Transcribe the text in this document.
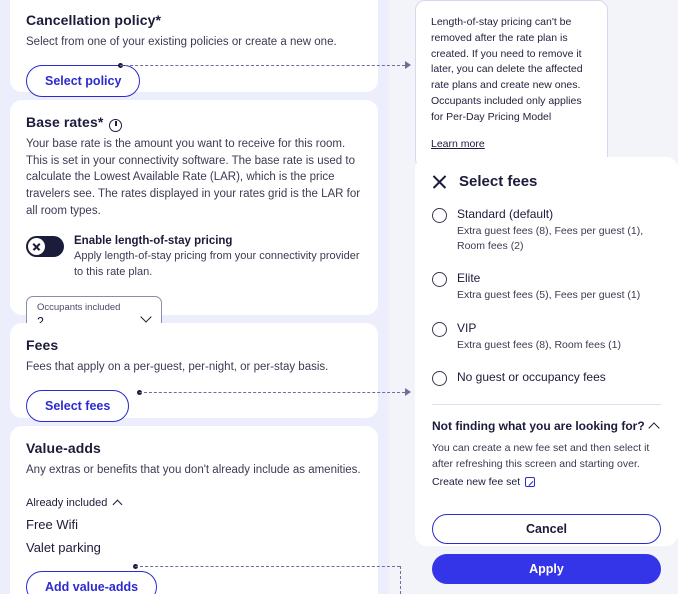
Cancellation policy*

Select from one of your existing policies or create a new one.

Select policy
Base rates*

Your base rate is the amount you want to receive for this room. This is set in your connectivity software. The base rate is used to calculate the Lowest Available Rate (LAR), which is the price travelers see. The rates displayed in your rates grid is the LAR for all room types.

Enable length-of-stay pricing
Apply length-of-stay pricing from your connectivity provider to this rate plan.
Occupants included
Fees

Fees that apply on a per-guest, per-night, or per-stay basis.

Select fees
Value-adds

Any extras or benefits that you don't already include as amenities.

Already included
Free Wifi
Valet parking
Add value-adds

Length-of-stay pricing can't be removed after the rate plan is created. If you need to remove it later, you can delete the affected rate plans and create new ones. Occupants included only applies for Per-Day Pricing Model

Learn more
Select fees
Standard (default)
Extra guest fees (8), Fees per guest (1), Room fees (2)
Elite
Extra guest fees (5), Fees per guest (1)
VIP
Extra guest fees (8), Room fees (1)
No guest or occupancy fees
Not finding what you are looking for?
You can create a new fee set and then select it after refreshing this screen and starting over.
Create new fee set
Cancel
Apply
